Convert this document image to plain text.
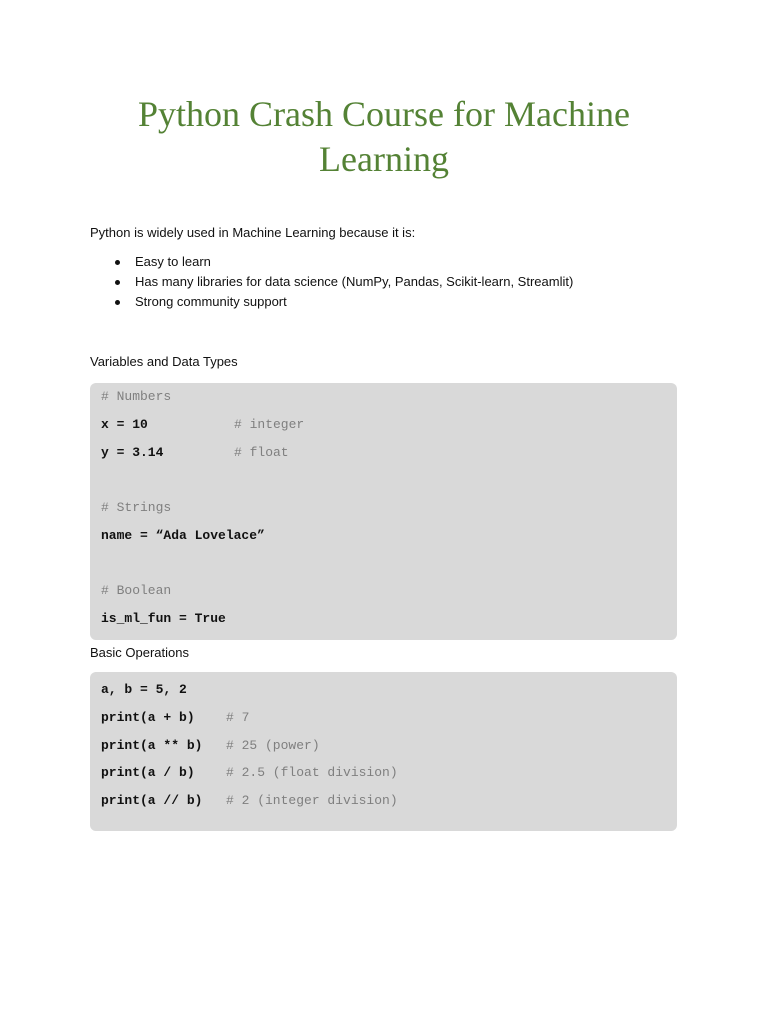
Python Crash Course for Machine
Learning

Python is widely used in Machine Learning because it is:

Easy to learn
Has many libraries for data science (NumPy, Pandas, Scikit-learn, Streamlit)
Strong community support
Variables and Data Types
# Numbers

x = 10

	# integer

y = 3.14

	# float

# Strings
name = “Ada Lovelace”
# Boolean
is_ml_fun = True
Basic Operations
a, b = 5, 2

print(a + b)

# 7

print(a ** b)

# 25 (power)

print(a / b)

# 2.5 (float division)

print(a // b)

# 2 (integer division)
